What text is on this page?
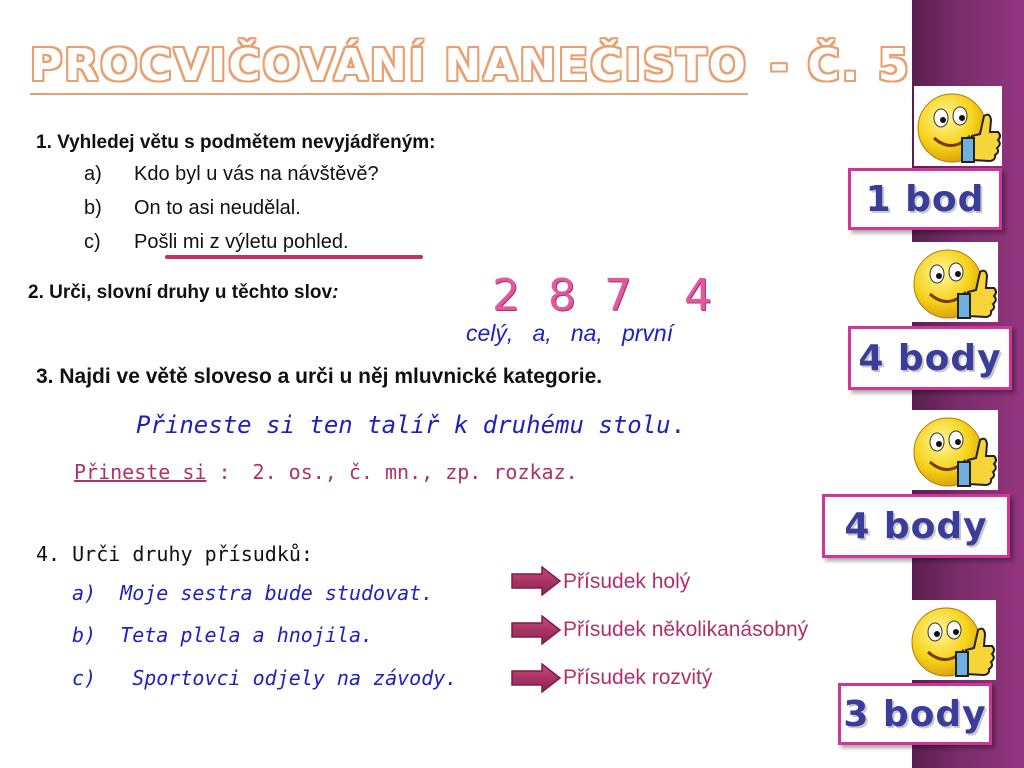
PROCVIČOVÁNÍ NANEČISTO - Č. 5
1. Vyhledej větu s podmětem nevyjádřeným:
a) Kdo byl u vás na návštěvě?
b) On to asi neudělal.
c) Pošli mi z výletu pohled.
2. Urči, slovní druhy u těchto slov:	2 8 7 4
celý,   a,   na,   první
3. Najdi ve větě sloveso a urči u něj mluvnické kategorie.
Přineste si ten talíř k druhému stolu.
Přineste si : 2. os., č. mn., zp. rozkaz.
4. Urči druhy přísudků:
a)  Moje sestra bude studovat.	Přísudek holý
b)  Teta plela a hnojila.	Přísudek několikanásobný
c)   Sportovci odjely na závody.	Přísudek rozvitý
1 bod
4 body
4 body
3 body
